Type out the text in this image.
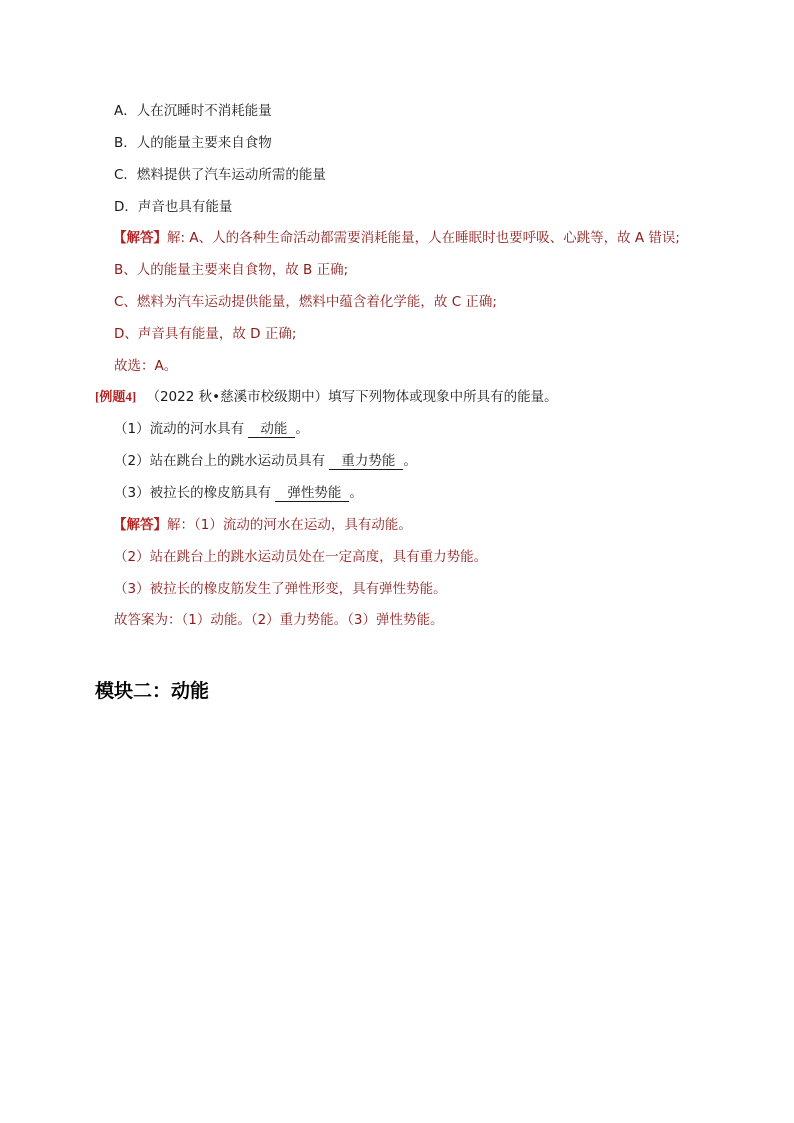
A．人在沉睡时不消耗能量
B．人的能量主要来自食物
C．燃料提供了汽车运动所需的能量
D．声音也具有能量
【解答】解: A、人的各种生命活动都需要消耗能量，人在睡眠时也要呼吸、心跳等，故 A 错误;
B、人的能量主要来自食物，故 B 正确;
C、燃料为汽车运动提供能量，燃料中蕴含着化学能，故 C 正确;
D、声音具有能量，故 D 正确;
故选：A。
[例题4] （2022 秋•慈溪市校级期中）填写下列物体或现象中所具有的能量。
（1）流动的河水具有 动能 。
（2）站在跳台上的跳水运动员具有 重力势能 。
（3）被拉长的橡皮筋具有 弹性势能 。
【解答】解：（1）流动的河水在运动，具有动能。
（2）站在跳台上的跳水运动员处在一定高度，具有重力势能。
（3）被拉长的橡皮筋发生了弹性形变，具有弹性势能。
故答案为：（1）动能。（2）重力势能。（3）弹性势能。
模块二：动能
